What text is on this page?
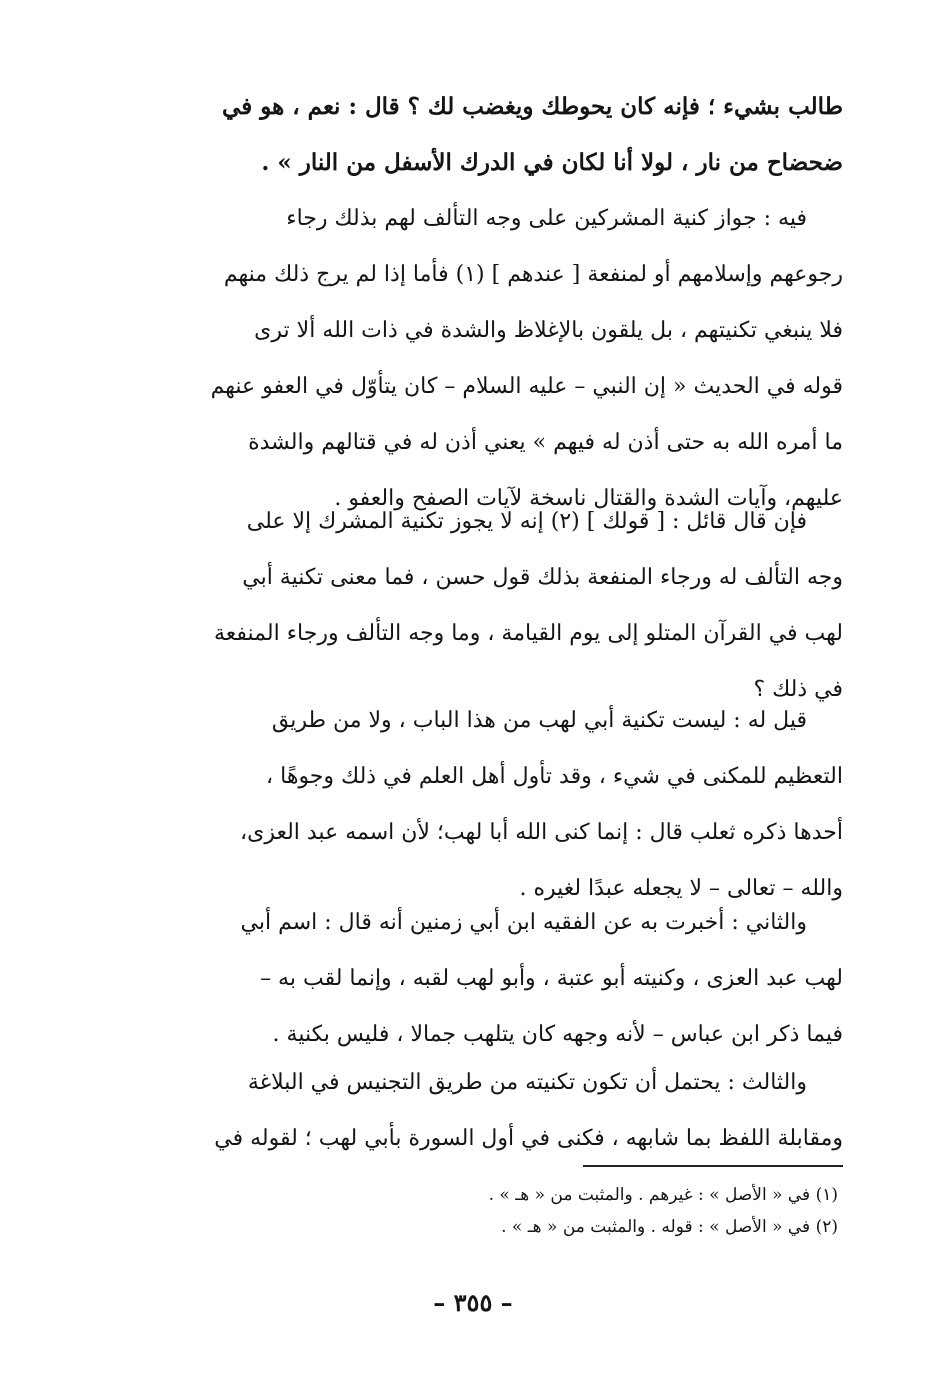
طالب بشيء ؛ فإنه كان يحوطك ويغضب لك ؟ قال : نعم ، هو في
ضحضاح من نار ، لولا أنا لكان في الدرك الأسفل من النار » .
فيه : جواز كنية المشركين على وجه التألف لهم بذلك رجاء
رجوعهم وإسلامهم أو لمنفعة [ عندهم ] (١) فأما إذا لم يرج ذلك منهم
فلا ينبغي تكنيتهم ، بل يلقون بالإغلاظ والشدة في ذات الله ألا ترى
قوله في الحديث « إن النبي – عليه السلام – كان يتأوّل في العفو عنهم
ما أمره الله به حتى أذن له فيهم » يعني أذن له في قتالهم والشدة
عليهم، وآيات الشدة والقتال ناسخة لآيات الصفح والعفو .
فإن قال قائل : [ قولك ] (٢) إنه لا يجوز تكنية المشرك إلا على
وجه التألف له ورجاء المنفعة بذلك قول حسن ، فما معنى تكنية أبي
لهب في القرآن المتلو إلى يوم القيامة ، وما وجه التألف ورجاء المنفعة
في ذلك ؟
قيل له : ليست تكنية أبي لهب من هذا الباب ، ولا من طريق
التعظيم للمكنى في شيء ، وقد تأول أهل العلم في ذلك وجوهًا ،
أحدها ذكره ثعلب قال : إنما كنى الله أبا لهب؛ لأن اسمه عبد العزى،
والله – تعالى – لا يجعله عبدًا لغيره .
والثاني : أخبرت به عن الفقيه ابن أبي زمنين أنه قال : اسم أبي
لهب عبد العزى ، وكنيته أبو عتبة ، وأبو لهب لقبه ، وإنما لقب به –
فيما ذكر ابن عباس – لأنه وجهه كان يتلهب جمالا ، فليس بكنية .
والثالث : يحتمل أن تكون تكنيته من طريق التجنيس في البلاغة
ومقابلة اللفظ بما شابهه ، فكنى في أول السورة بأبي لهب ؛ لقوله في
(١) في « الأصل » : غيرهم . والمثبت من « هـ » .
(٢) في « الأصل » : قوله . والمثبت من « هـ » .
– ٣٥٥ –
